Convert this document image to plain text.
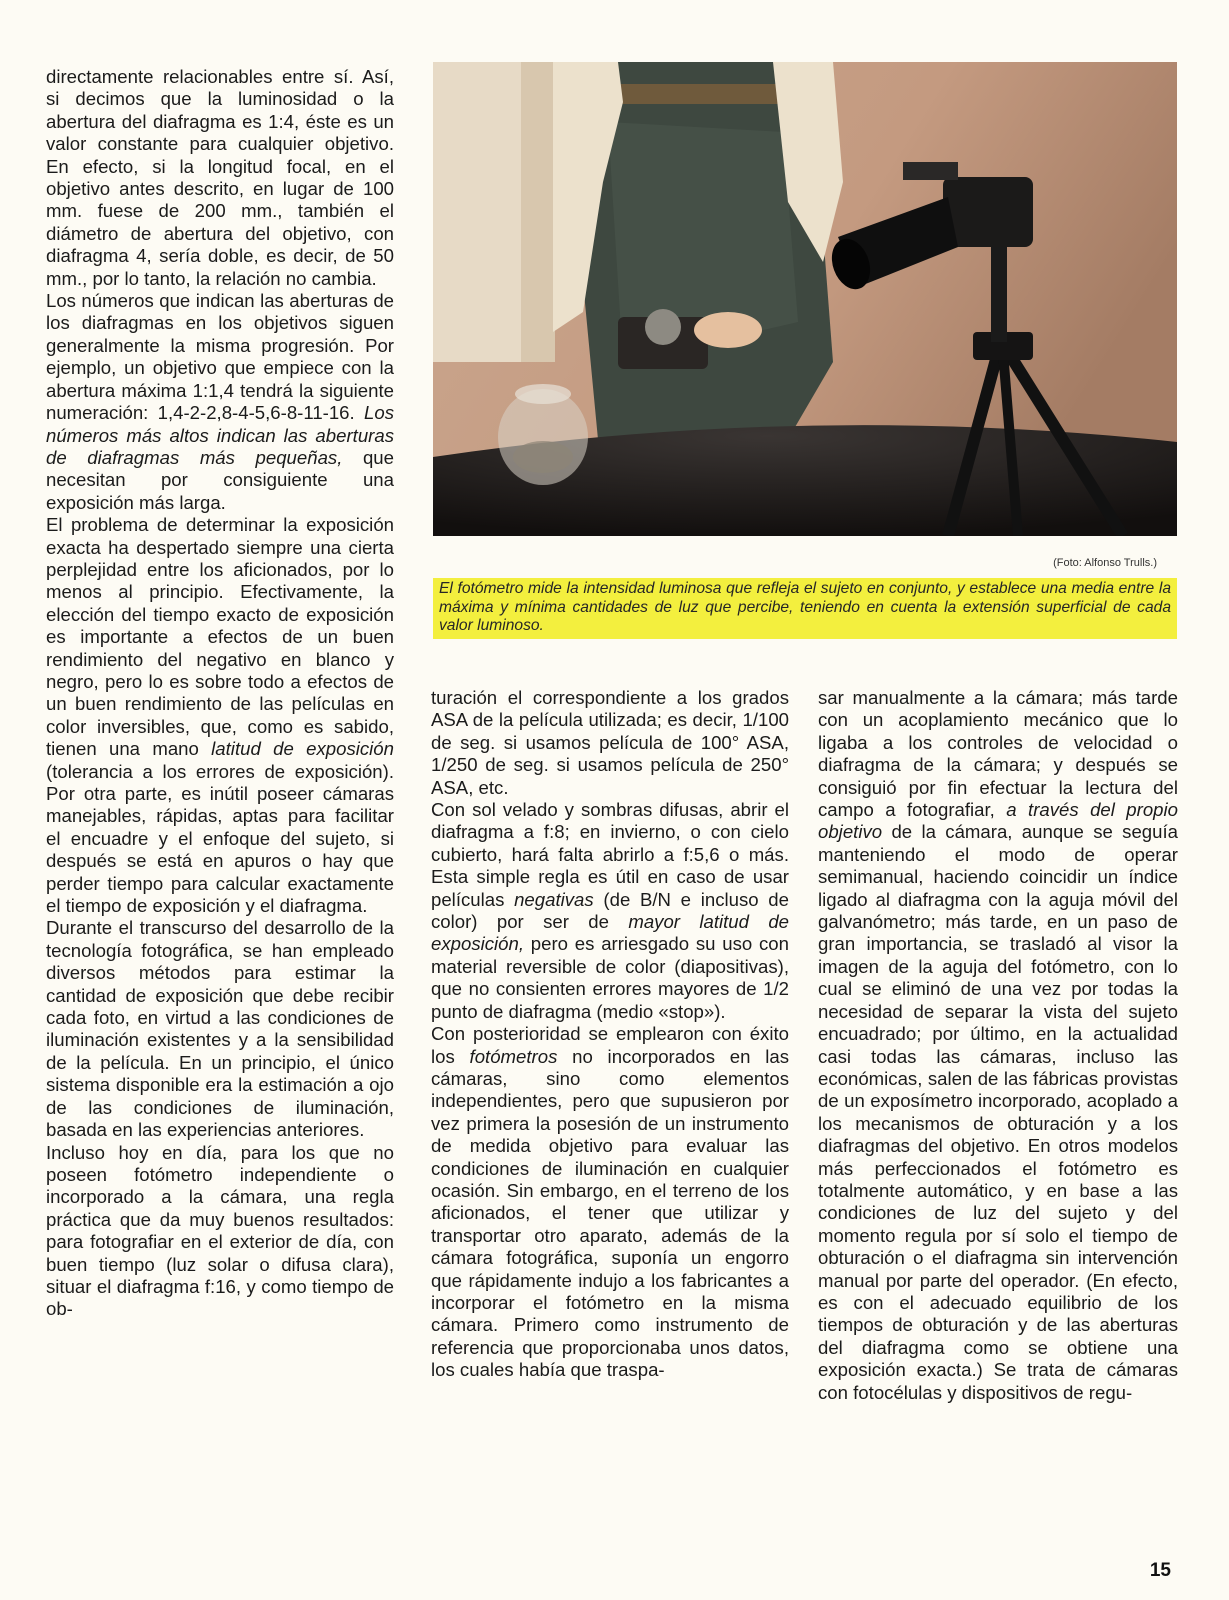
directamente relacionables entre sí. Así, si decimos que la luminosidad o la abertura del diafragma es 1:4, éste es un valor constante para cualquier objetivo. En efecto, si la longitud focal, en el objetivo antes descrito, en lugar de 100 mm. fuese de 200 mm., también el diámetro de abertura del objetivo, con diafragma 4, sería doble, es decir, de 50 mm., por lo tanto, la relación no cambia.

Los números que indican las aberturas de los diafragmas en los objetivos siguen generalmente la misma progresión. Por ejemplo, un objetivo que empiece con la abertura máxima 1:1,4 tendrá la siguiente numeración: 1,4-2-2,8-4-5,6-8-11-16. Los números más altos indican las aberturas de diafragmas más pequeñas, que necesitan por consiguiente una exposición más larga.

El problema de determinar la exposición exacta ha despertado siempre una cierta perplejidad entre los aficionados, por lo menos al principio. Efectivamente, la elección del tiempo exacto de exposición es importante a efectos de un buen rendimiento del negativo en blanco y negro, pero lo es sobre todo a efectos de un buen rendimiento de las películas en color inversibles, que, como es sabido, tienen una mano latitud de exposición (tolerancia a los errores de exposición). Por otra parte, es inútil poseer cámaras manejables, rápidas, aptas para facilitar el encuadre y el enfoque del sujeto, si después se está en apuros o hay que perder tiempo para calcular exactamente el tiempo de exposición y el diafragma.

Durante el transcurso del desarrollo de la tecnología fotográfica, se han empleado diversos métodos para estimar la cantidad de exposición que debe recibir cada foto, en virtud a las condiciones de iluminación existentes y a la sensibilidad de la película. En un principio, el único sistema disponible era la estimación a ojo de las condiciones de iluminación, basada en las experiencias anteriores.

Incluso hoy en día, para los que no poseen fotómetro independiente o incorporado a la cámara, una regla práctica que da muy buenos resultados: para fotografiar en el exterior de día, con buen tiempo (luz solar o difusa clara), situar el diafragma f:16, y como tiempo de ob-

(Foto: Alfonso Trulls.)
El fotómetro mide la intensidad luminosa que refleja el sujeto en conjunto, y establece una media entre la máxima y mínima cantidades de luz que percibe, teniendo en cuenta la extensión superficial de cada valor luminoso.

turación el correspondiente a los grados ASA de la película utilizada; es decir, 1/100 de seg. si usamos película de 100° ASA, 1/250 de seg. si usamos película de 250° ASA, etc.

Con sol velado y sombras difusas, abrir el diafragma a f:8; en invierno, o con cielo cubierto, hará falta abrirlo a f:5,6 o más. Esta simple regla es útil en caso de usar películas negativas (de B/N e incluso de color) por ser de mayor latitud de exposición, pero es arriesgado su uso con material reversible de color (diapositivas), que no consienten errores mayores de 1/2 punto de diafragma (medio «stop»).

Con posterioridad se emplearon con éxito los fotómetros no incorporados en las cámaras, sino como elementos independientes, pero que supusieron por vez primera la posesión de un instrumento de medida objetivo para evaluar las condiciones de iluminación en cualquier ocasión. Sin embargo, en el terreno de los aficionados, el tener que utilizar y transportar otro aparato, además de la cámara fotográfica, suponía un engorro que rápidamente indujo a los fabricantes a incorporar el fotómetro en la misma cámara. Primero como instrumento de referencia que proporcionaba unos datos, los cuales había que traspa-

sar manualmente a la cámara; más tarde con un acoplamiento mecánico que lo ligaba a los controles de velocidad o diafragma de la cámara; y después se consiguió por fin efectuar la lectura del campo a fotografiar, a través del propio objetivo de la cámara, aunque se seguía manteniendo el modo de operar semimanual, haciendo coincidir un índice ligado al diafragma con la aguja móvil del galvanómetro; más tarde, en un paso de gran importancia, se trasladó al visor la imagen de la aguja del fotómetro, con lo cual se eliminó de una vez por todas la necesidad de separar la vista del sujeto encuadrado; por último, en la actualidad casi todas las cámaras, incluso las económicas, salen de las fábricas provistas de un exposímetro incorporado, acoplado a los mecanismos de obturación y a los diafragmas del objetivo. En otros modelos más perfeccionados el fotómetro es totalmente automático, y en base a las condiciones de luz del sujeto y del momento regula por sí solo el tiempo de obturación o el diafragma sin intervención manual por parte del operador. (En efecto, es con el adecuado equilibrio de los tiempos de obturación y de las aberturas del diafragma como se obtiene una exposición exacta.) Se trata de cámaras con fotocélulas y dispositivos de regu-

15
